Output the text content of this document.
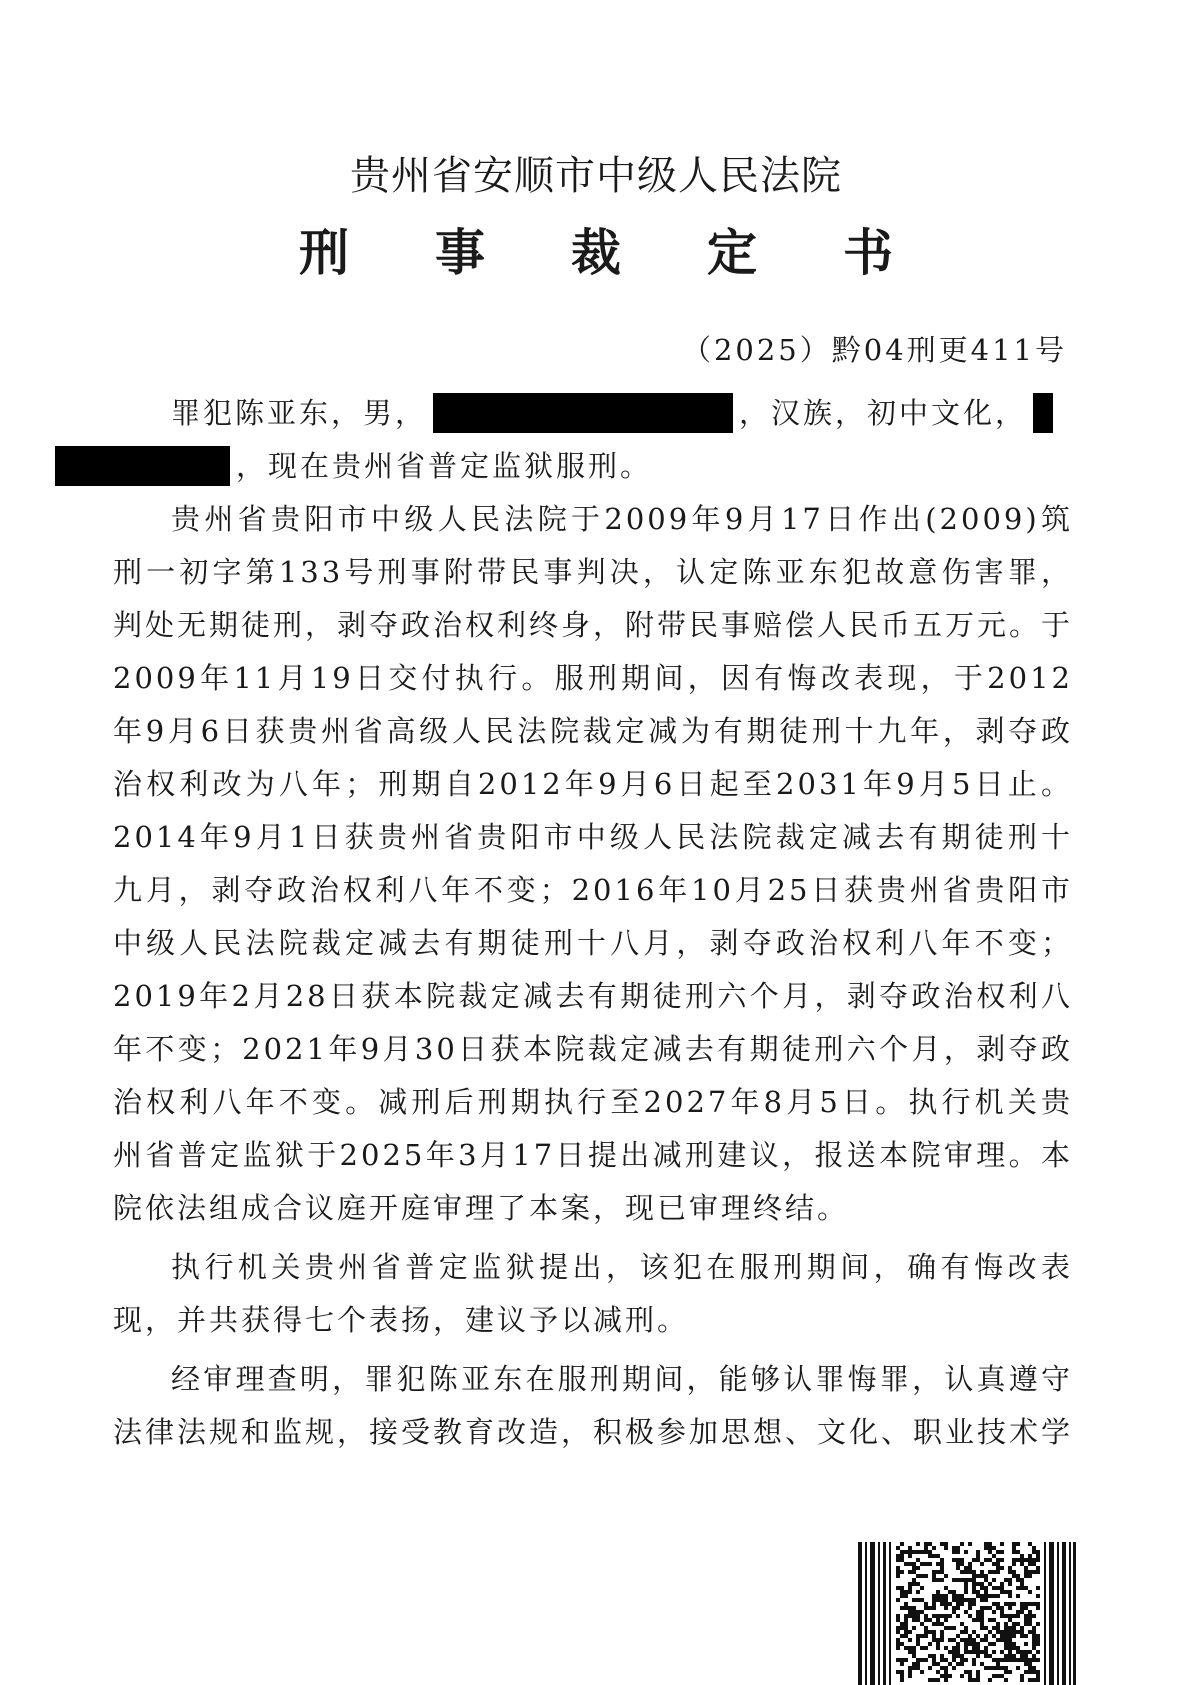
贵州省安顺市中级人民法院
刑事裁定书
（2025）黔04刑更411号

罪犯陈亚东，男，	，汉族，初中文化，
，现在贵州省普定监狱服刑。

贵州省贵阳市中级人民法院于2009年9月17日作出(2009)筑刑一初字第133号刑事附带民事判决，认定陈亚东犯故意伤害罪，判处无期徒刑，剥夺政治权利终身，附带民事赔偿人民币五万元。于2009年11月19日交付执行。服刑期间，因有悔改表现，于2012年9月6日获贵州省高级人民法院裁定减为有期徒刑十九年，剥夺政治权利改为八年；刑期自2012年9月6日起至2031年9月5日止。2014年9月1日获贵州省贵阳市中级人民法院裁定减去有期徒刑十九月，剥夺政治权利八年不变；2016年10月25日获贵州省贵阳市中级人民法院裁定减去有期徒刑十八月，剥夺政治权利八年不变；2019年2月28日获本院裁定减去有期徒刑六个月，剥夺政治权利八年不变；2021年9月30日获本院裁定减去有期徒刑六个月，剥夺政治权利八年不变。减刑后刑期执行至2027年8月5日。执行机关贵州省普定监狱于2025年3月17日提出减刑建议，报送本院审理。本院依法组成合议庭开庭审理了本案，现已审理终结。

执行机关贵州省普定监狱提出，该犯在服刑期间，确有悔改表现，并共获得七个表扬，建议予以减刑。

经审理查明，罪犯陈亚东在服刑期间，能够认罪悔罪，认真遵守法律法规和监规，接受教育改造，积极参加思想、文化、职业技术学
